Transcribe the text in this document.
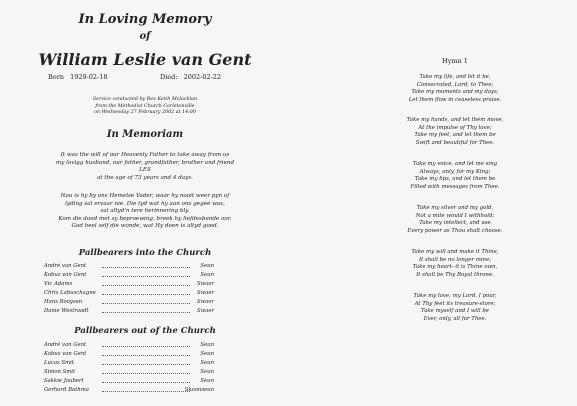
In Loving Memory
of
William Leslie van Gent
Born 1929-02-18	Died: 2002-02-22
Service conducted by Rev Keith Mclachlan
from the Methodist Church Carletonville
on Wednesday 27 February 2002 at 14:00
In Memoriam
It was the will of our Heavenly Father to take away from us
my lovigg husband, our father, grandfather, brother and friend
LES
at the age of 73 years and 4 days.
Nou is hy by ons Hemelse Vader, waar hy nooit weer pyn of
lyding sal ervaar nie. Die tyd wat hy aan ons gegee was,
sal altyd'n tere herinnering bly.
Kom die dood met sy beproewing, breek hy liefdesbande oor.
God heel self die wonde, wat Hy doen is altyd goed.
Pallbearers into the Church
André van Gent	Seun
Kobus van Gent	Seun
Vic Adams	Swaer
Chris Labuschagne	Swaer
Hans Booysen	Swaer
Danie Westraadt	Swaer
Pallbearers out of the Church
André van Gent	Seun
Kobus van Gent	Seun
Lucas Smit	Seun
Simon Smit	Seun
Sakkie Joubert	Seun
Gerhard Bothma	Skoonseun
Hymn 1
Take my life, and let it be,
Consecrated, Lord, to Thee;
Take my moments and my days,
Let them flow in ceaseless praise.
Take my hands, and let them move,
At the impulse of Thy love;
Take my feet, and let them be
Swift and beautiful for Thee.
Take my voice, and let me sing
Always, only, for my King;
Take my lips, and let them be
Filled with messages from Thee.
Take my silver and my gold,
Not a mite would I withhold;
Take my intellect, and use
Every power as Thou shalt choose.
Take my will and make it Thine,
It shall be no longer mine;
Take my heart- it is Thine own,
It shall be Thy Royal throne.
Take my love, my Lord, I pour,
At Thy feet its treasure-store;
Take myself and I will be
Ever, only, all for Thee.
